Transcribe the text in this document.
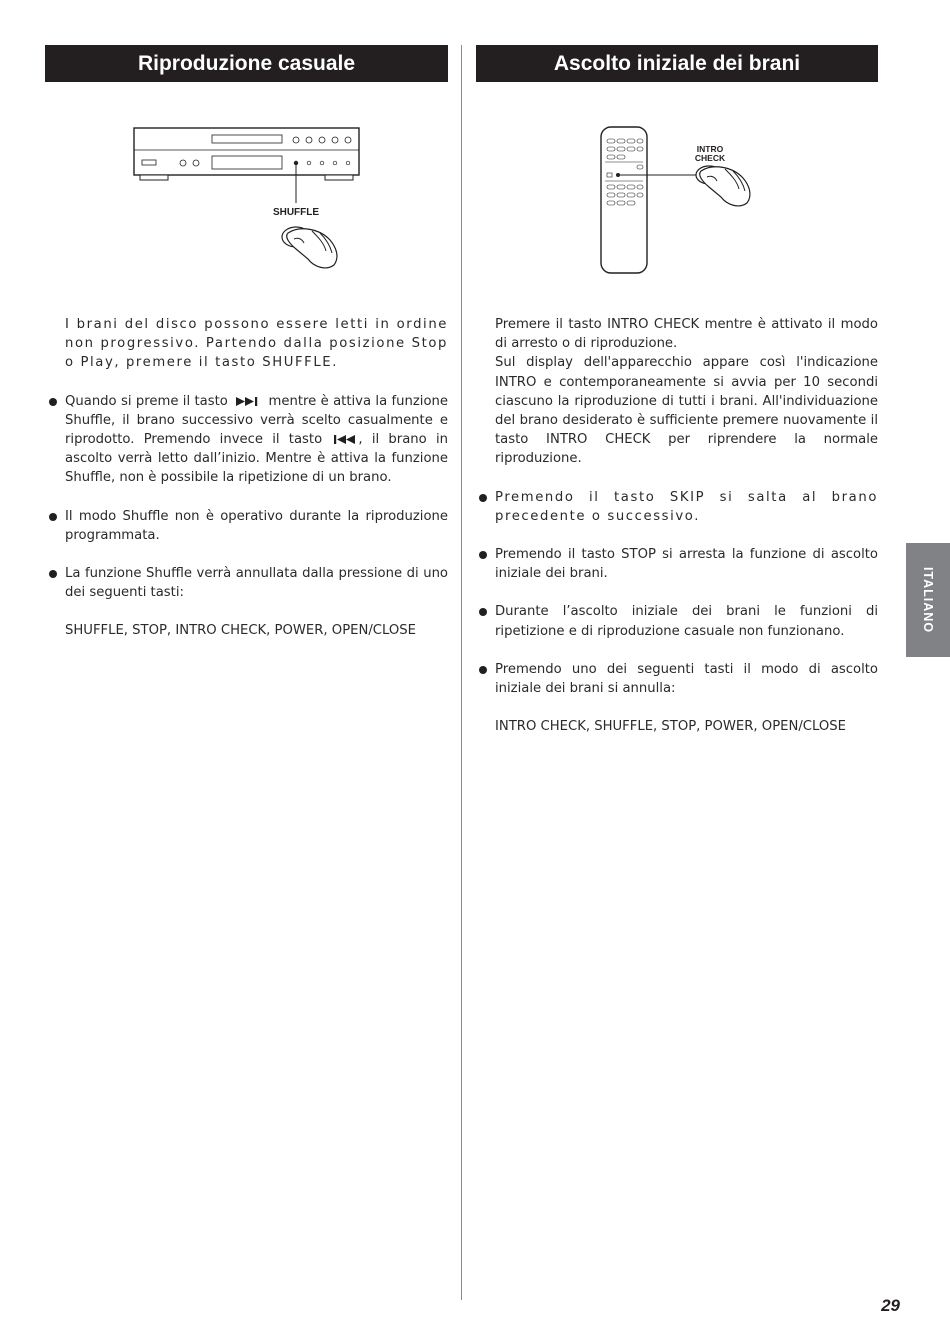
Riproduzione casuale	Ascolto iniziale dei brani
SHUFFLE
INTRO
CHECK

I brani del disco possono essere letti in ordine non progressivo. Partendo dalla posizione Stop o Play, premere il tasto SHUFFLE.

Quando si preme il tasto	mentre è attiva la funzione Shuffle, il brano successivo verrà scelto casualmente e riprodotto. Premendo invece il tasto	, il brano in ascolto verrà letto dall’inizio. Mentre è attiva la funzione Shuffle, non è possibile la ripetizione di un brano.

Il modo Shuffle non è operativo durante la riproduzione programmata.

La funzione Shuffle verrà annullata dalla pressione di uno dei seguenti tasti:

SHUFFLE, STOP, INTRO CHECK, POWER, OPEN/CLOSE

Premere il tasto INTRO CHECK mentre è attivato il modo di arresto o di riproduzione.

Sul display dell'apparecchio appare così l'indicazione INTRO e contemporaneamente si avvia per 10 secondi ciascuno la riproduzione di tutti i brani. All'individuazione del brano desiderato è sufficiente premere nuovamente il tasto INTRO CHECK per riprendere la normale riproduzione.

Premendo il tasto SKIP si salta al brano precedente o successivo.

Premendo il tasto STOP si arresta la funzione di ascolto iniziale dei brani.

Durante l’ascolto iniziale dei brani le funzioni di ripetizione e di riproduzione casuale non funzionano.

Premendo uno dei seguenti tasti il modo di ascolto iniziale dei brani si annulla:

INTRO CHECK, SHUFFLE, STOP, POWER, OPEN/CLOSE

ITALIANO
29
